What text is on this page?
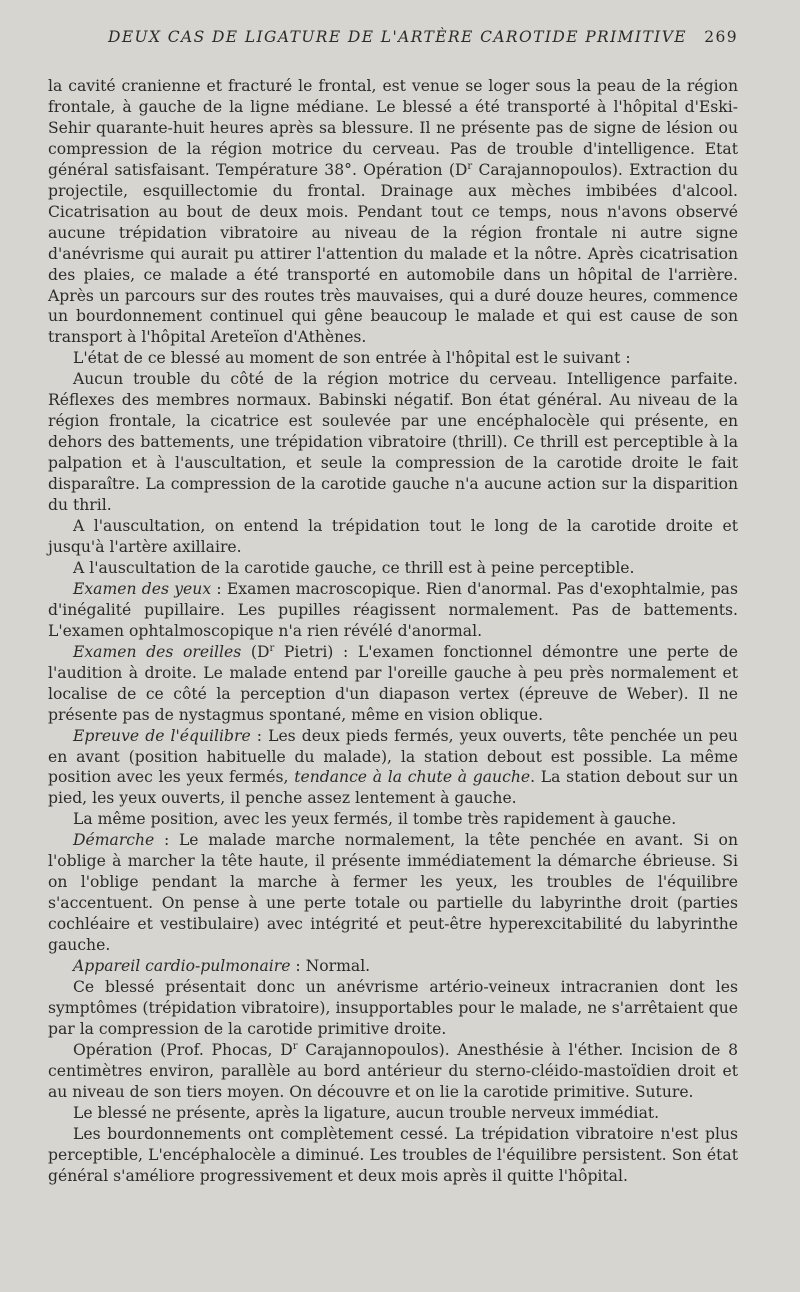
DEUX CAS DE LIGATURE DE L'ARTÈRE CAROTIDE PRIMITIVE 269

la cavité cranienne et fracturé le frontal, est venue se loger sous la peau de la région frontale, à gauche de la ligne médiane. Le blessé a été transporté à l'hôpital d'Eski-Sehir quarante-huit heures après sa blessure. Il ne présente pas de signe de lésion ou compression de la région motrice du cerveau. Pas de trouble d'intelligence. Etat général satisfaisant. Température 38°. Opération ($D^r$ Carajannopoulos). Extraction du projectile, esquillectomie du frontal. Drainage aux mèches imbibées d'alcool. Cicatrisation au bout de deux mois. Pendant tout ce temps, nous n'avons observé aucune trépidation vibratoire au niveau de la région frontale ni autre signe d'anévrisme qui aurait pu attirer l'attention du malade et la nôtre. Après cicatrisation des plaies, ce malade a été transporté en automobile dans un hôpital de l'arrière. Après un parcours sur des routes très mauvaises, qui a duré douze heures, commence un bourdonnement continuel qui gêne beaucoup le malade et qui est cause de son transport à l'hôpital Areteïon d'Athènes.

L'état de ce blessé au moment de son entrée à l'hôpital est le suivant :

Aucun trouble du côté de la région motrice du cerveau. Intelligence parfaite. Réflexes des membres normaux. Babinski négatif. Bon état général. Au niveau de la région frontale, la cicatrice est soulevée par une encéphalocèle qui présente, en dehors des battements, une trépidation vibratoire (thrill). Ce thrill est perceptible à la palpation et à l'auscultation, et seule la compression de la carotide droite le fait disparaître. La compression de la carotide gauche n'a aucune action sur la disparition du thril.

A l'auscultation, on entend la trépidation tout le long de la carotide droite et jusqu'à l'artère axillaire.

A l'auscultation de la carotide gauche, ce thrill est à peine perceptible.

Examen des yeux : Examen macroscopique. Rien d'anormal. Pas d'exophtalmie, pas d'inégalité pupillaire. Les pupilles réagissent normalement. Pas de battements. L'examen ophtalmoscopique n'a rien révélé d'anormal.

Examen des oreilles ($D^r$ Pietri) : L'examen fonctionnel démontre une perte de l'audition à droite. Le malade entend par l'oreille gauche à peu près normalement et localise de ce côté la perception d'un diapason vertex (épreuve de Weber). Il ne présente pas de nystagmus spontané, même en vision oblique.

Epreuve de l'équilibre : Les deux pieds fermés, yeux ouverts, tête penchée un peu en avant (position habituelle du malade), la station debout est possible. La même position avec les yeux fermés, tendance à la chute à gauche. La station debout sur un pied, les yeux ouverts, il penche assez lentement à gauche.

La même position, avec les yeux fermés, il tombe très rapidement à gauche.

Démarche : Le malade marche normalement, la tête penchée en avant. Si on l'oblige à marcher la tête haute, il présente immédiatement la démarche ébrieuse. Si on l'oblige pendant la marche à fermer les yeux, les troubles de l'équilibre s'accentuent. On pense à une perte totale ou partielle du labyrinthe droit (parties cochléaire et vestibulaire) avec intégrité et peut-être hyperexcitabilité du labyrinthe gauche.

Appareil cardio-pulmonaire : Normal.

Ce blessé présentait donc un anévrisme artério-veineux intracranien dont les symptômes (trépidation vibratoire), insupportables pour le malade, ne s'arrêtaient que par la compression de la carotide primitive droite.

Opération (Prof. Phocas, $D^r$ Carajannopoulos). Anesthésie à l'éther. Incision de 8 centimètres environ, parallèle au bord antérieur du sterno-cléido-mastoïdien droit et au niveau de son tiers moyen. On découvre et on lie la carotide primitive. Suture.

Le blessé ne présente, après la ligature, aucun trouble nerveux immédiat.

Les bourdonnements ont complètement cessé. La trépidation vibratoire n'est plus perceptible, L'encéphalocèle a diminué. Les troubles de l'équilibre persistent. Son état général s'améliore progressivement et deux mois après il quitte l'hôpital.
